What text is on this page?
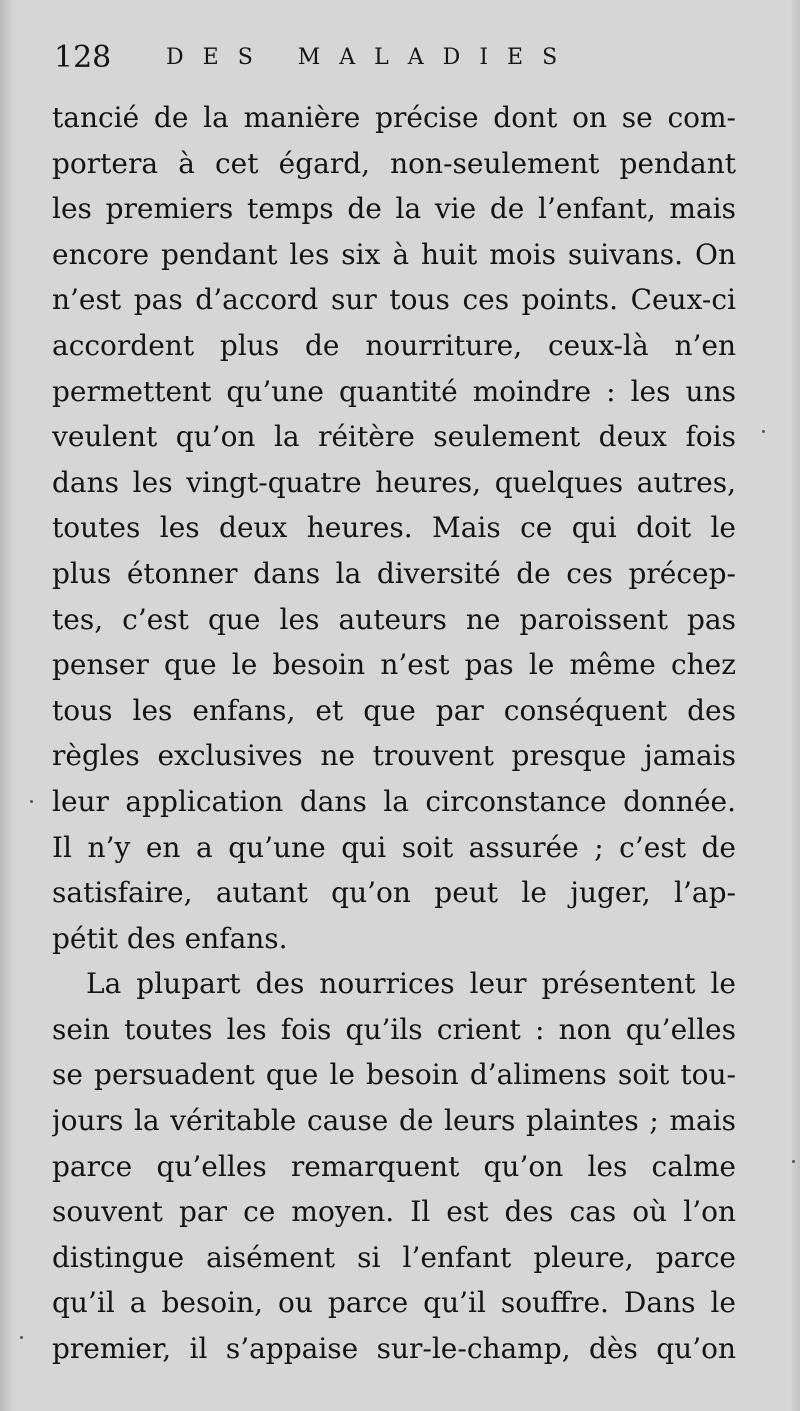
128 DES MALADIES
tancié de la manière précise dont on se com-
portera à cet égard, non-seulement pendant
les premiers temps de la vie de l’enfant, mais
encore pendant les six à huit mois suivans. On
n’est pas d’accord sur tous ces points. Ceux-ci
accordent plus de nourriture, ceux-là n’en
permettent qu’une quantité moindre : les uns
veulent qu’on la réitère seulement deux fois
dans les vingt-quatre heures, quelques autres,
toutes les deux heures. Mais ce qui doit le
plus étonner dans la diversité de ces précep-
tes, c’est que les auteurs ne paroissent pas
penser que le besoin n’est pas le même chez
tous les enfans, et que par conséquent des
règles exclusives ne trouvent presque jamais
leur application dans la circonstance donnée.
Il n’y en a qu’une qui soit assurée ; c’est de
satisfaire, autant qu’on peut le juger, l’ap-
pétit des enfans.
La plupart des nourrices leur présentent le
sein toutes les fois qu’ils crient : non qu’elles
se persuadent que le besoin d’alimens soit tou-
jours la véritable cause de leurs plaintes ; mais
parce qu’elles remarquent qu’on les calme
souvent par ce moyen. Il est des cas où l’on
distingue aisément si l’enfant pleure, parce
qu’il a besoin, ou parce qu’il souffre. Dans le
premier, il s’appaise sur-le-champ, dès qu’on
